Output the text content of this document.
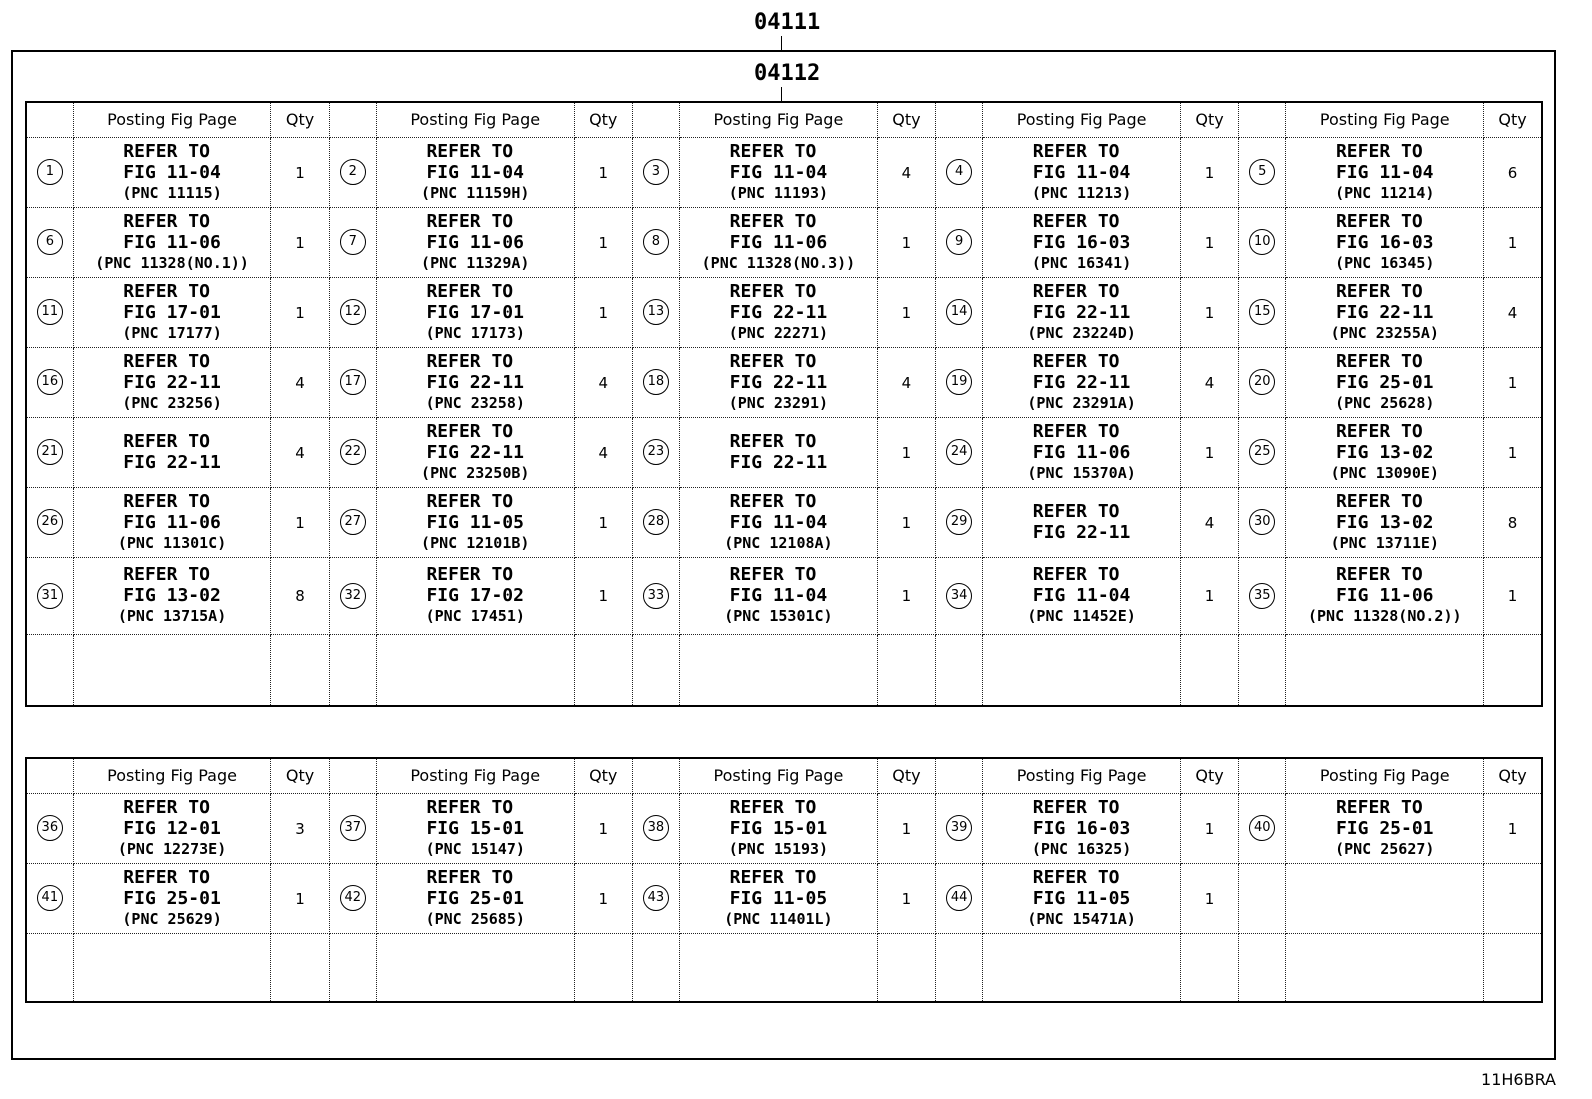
04111
04112
	Posting Fig Page	Qty		Posting Fig Page	Qty		Posting Fig Page	Qty		Posting Fig Page	Qty		Posting Fig Page	Qty
1	REFER TO
FIG 11-04
(PNC 11115)	1	2	REFER TO
FIG 11-04
(PNC 11159H)	1	3	REFER TO
FIG 11-04
(PNC 11193)	4	4	REFER TO
FIG 11-04
(PNC 11213)	1	5	REFER TO
FIG 11-04
(PNC 11214)	6
6	REFER TO
FIG 11-06
(PNC 11328(NO.1))	1	7	REFER TO
FIG 11-06
(PNC 11329A)	1	8	REFER TO
FIG 11-06
(PNC 11328(NO.3))	1	9	REFER TO
FIG 16-03
(PNC 16341)	1	10	REFER TO
FIG 16-03
(PNC 16345)	1
11	REFER TO
FIG 17-01
(PNC 17177)	1	12	REFER TO
FIG 17-01
(PNC 17173)	1	13	REFER TO
FIG 22-11
(PNC 22271)	1	14	REFER TO
FIG 22-11
(PNC 23224D)	1	15	REFER TO
FIG 22-11
(PNC 23255A)	4
16	REFER TO
FIG 22-11
(PNC 23256)	4	17	REFER TO
FIG 22-11
(PNC 23258)	4	18	REFER TO
FIG 22-11
(PNC 23291)	4	19	REFER TO
FIG 22-11
(PNC 23291A)	4	20	REFER TO
FIG 25-01
(PNC 25628)	1
21	REFER TO
FIG 22-11	4	22	REFER TO
FIG 22-11
(PNC 23250B)	4	23	REFER TO
FIG 22-11	1	24	REFER TO
FIG 11-06
(PNC 15370A)	1	25	REFER TO
FIG 13-02
(PNC 13090E)	1
26	REFER TO
FIG 11-06
(PNC 11301C)	1	27	REFER TO
FIG 11-05
(PNC 12101B)	1	28	REFER TO
FIG 11-04
(PNC 12108A)	1	29	REFER TO
FIG 22-11	4	30	REFER TO
FIG 13-02
(PNC 13711E)	8
31	REFER TO
FIG 13-02
(PNC 13715A)	8	32	REFER TO
FIG 17-02
(PNC 17451)	1	33	REFER TO
FIG 11-04
(PNC 15301C)	1	34	REFER TO
FIG 11-04
(PNC 11452E)	1	35	REFER TO
FIG 11-06
(PNC 11328(NO.2))	1

	Posting Fig Page	Qty		Posting Fig Page	Qty		Posting Fig Page	Qty		Posting Fig Page	Qty		Posting Fig Page	Qty
36	REFER TO
FIG 12-01
(PNC 12273E)	3	37	REFER TO
FIG 15-01
(PNC 15147)	1	38	REFER TO
FIG 15-01
(PNC 15193)	1	39	REFER TO
FIG 16-03
(PNC 16325)	1	40	REFER TO
FIG 25-01
(PNC 25627)	1
41	REFER TO
FIG 25-01
(PNC 25629)	1	42	REFER TO
FIG 25-01
(PNC 25685)	1	43	REFER TO
FIG 11-05
(PNC 11401L)	1	44	REFER TO
FIG 11-05
(PNC 15471A)	1			

11H6BRA
